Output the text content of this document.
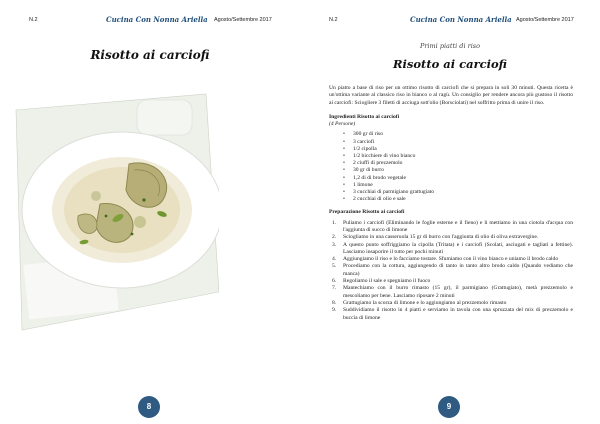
N.2	Cucina Con Nonna Ariella Agosto/Settembre 2017
Risotto ai carciofi
8
N.2	Cucina Con Nonna Ariella Agosto/Settembre 2017
9
Primi piatti di riso
Risotto ai carciofi
Un piatto a base di riso per un ottimo risotto di carciofi che si prepara in soli 30 minuti. Questa ricetta è un'ottima variante al classico riso in bianco o al ragù. Un consiglio per rendere ancora più gustoso il risotto ai carciofi: Sciogliere 3 filetti di acciuga sott'olio (Borsciolati) nel soffritto prima di unire il riso.
Ingredienti Risotto ai carciofi
(4 Persone)
• 300 gr di riso
• 3 carciofi
• 1/2 cipolla
• 1/2 bicchiere di vino bianco
• 2 ciuffi di prezzemolo
• 30 gr di burro
• 1,2 di di brodo vegetale
• 1 limone
• 3 cucchiai di parmigiano grattugiato
• 2 cucchiai di olio e sale
Preparazione Risotto ai carciofi
1. Puliamo i carciofi (Eliminando le foglie esterne e il fieno) e li mettiamo in una ciotola d'acqua con l'aggiunta di succo di limone
2. Sciogliamo in una casseruola 15 gr di burro con l'aggiunta di olio di oliva extravergine.
3. A questo punto soffriggiamo la cipolla (Tritata) e i carciofi (Scolati, asciugati e tagliati a fettine). Lasciamo insaporire il tutto per pochi minuti
4. Aggiungiamo il riso e lo facciamo tostare. Sfumiamo con il vino bianco e uniamo il brodo caldo
5. Procediamo con la cottura, aggiungendo di tanto in tanto altro brodo caldo (Quando vediamo che manca)
6. Regoliamo il sale e spegniamo il fuoco
7. Mantechiamo con il burro rimasto (15 gr), il parmigiano (Grattugiato), metà prezzemolo e mescoliamo per bene. Lasciamo riposare 2 minuti
8. Grattugiamo la scorza di limone e lo aggiungiamo al prezzemolo rimasto
9. Suddividiamo il risotto in 4 piatti e serviamo in tavola con una spruzzata del mix di prezzemolo e buccia di limone
